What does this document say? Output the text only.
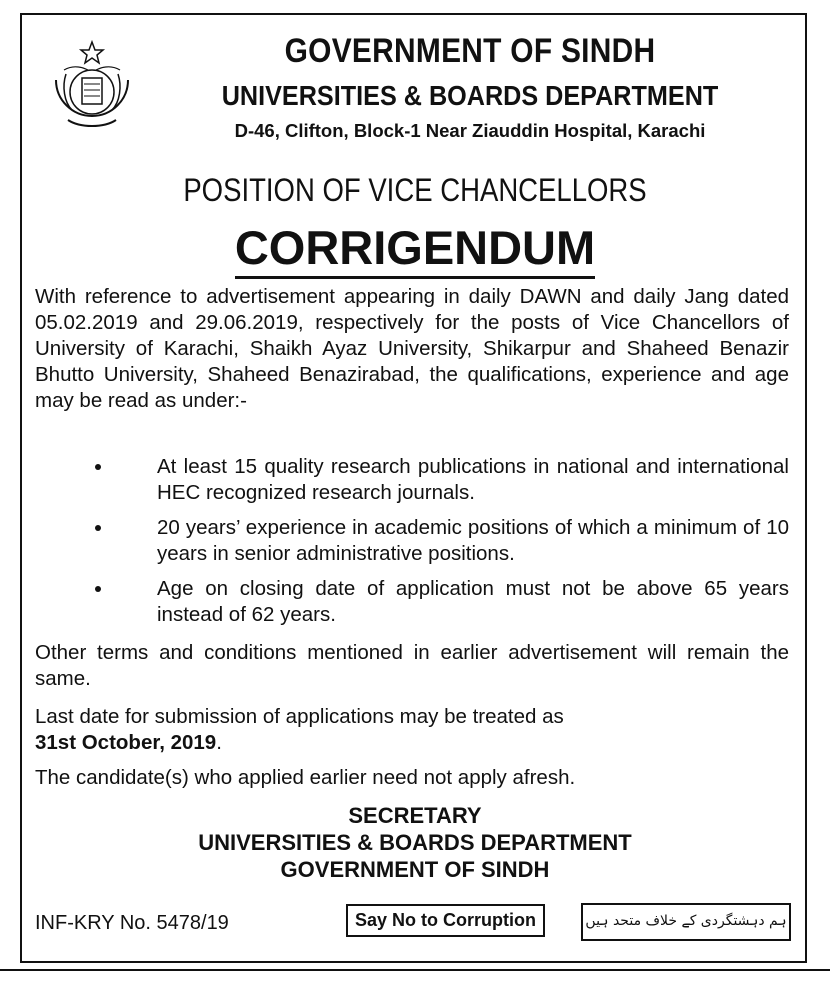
GOVERNMENT OF SINDH
UNIVERSITIES & BOARDS DEPARTMENT
D-46, Clifton, Block-1 Near Ziauddin Hospital, Karachi
POSITION OF VICE CHANCELLORS
CORRIGENDUM

With reference to advertisement appearing in daily DAWN and daily Jang dated 05.02.2019 and 29.06.2019, respectively for the posts of Vice Chancellors of University of Karachi, Shaikh Ayaz University, Shikarpur and Shaheed Benazir Bhutto University, Shaheed Benazirabad, the qualifications, experience and age may be read as under:-

At least 15 quality research publications in national and international HEC recognized research journals.
20 years’ experience in academic positions of which a minimum of 10 years in senior administrative positions.
Age on closing date of application must not be above 65 years instead of 62 years.

Other terms and conditions mentioned in earlier advertisement will remain the same.

Last date for submission of applications may be treated as
31st October, 2019.

The candidate(s) who applied earlier need not apply afresh.

SECRETARY
UNIVERSITIES & BOARDS DEPARTMENT
GOVERNMENT OF SINDH
INF-KRY No. 5478/19	Say No to Corruption	ہم دہشتگردی کے خلاف متحد ہیں
